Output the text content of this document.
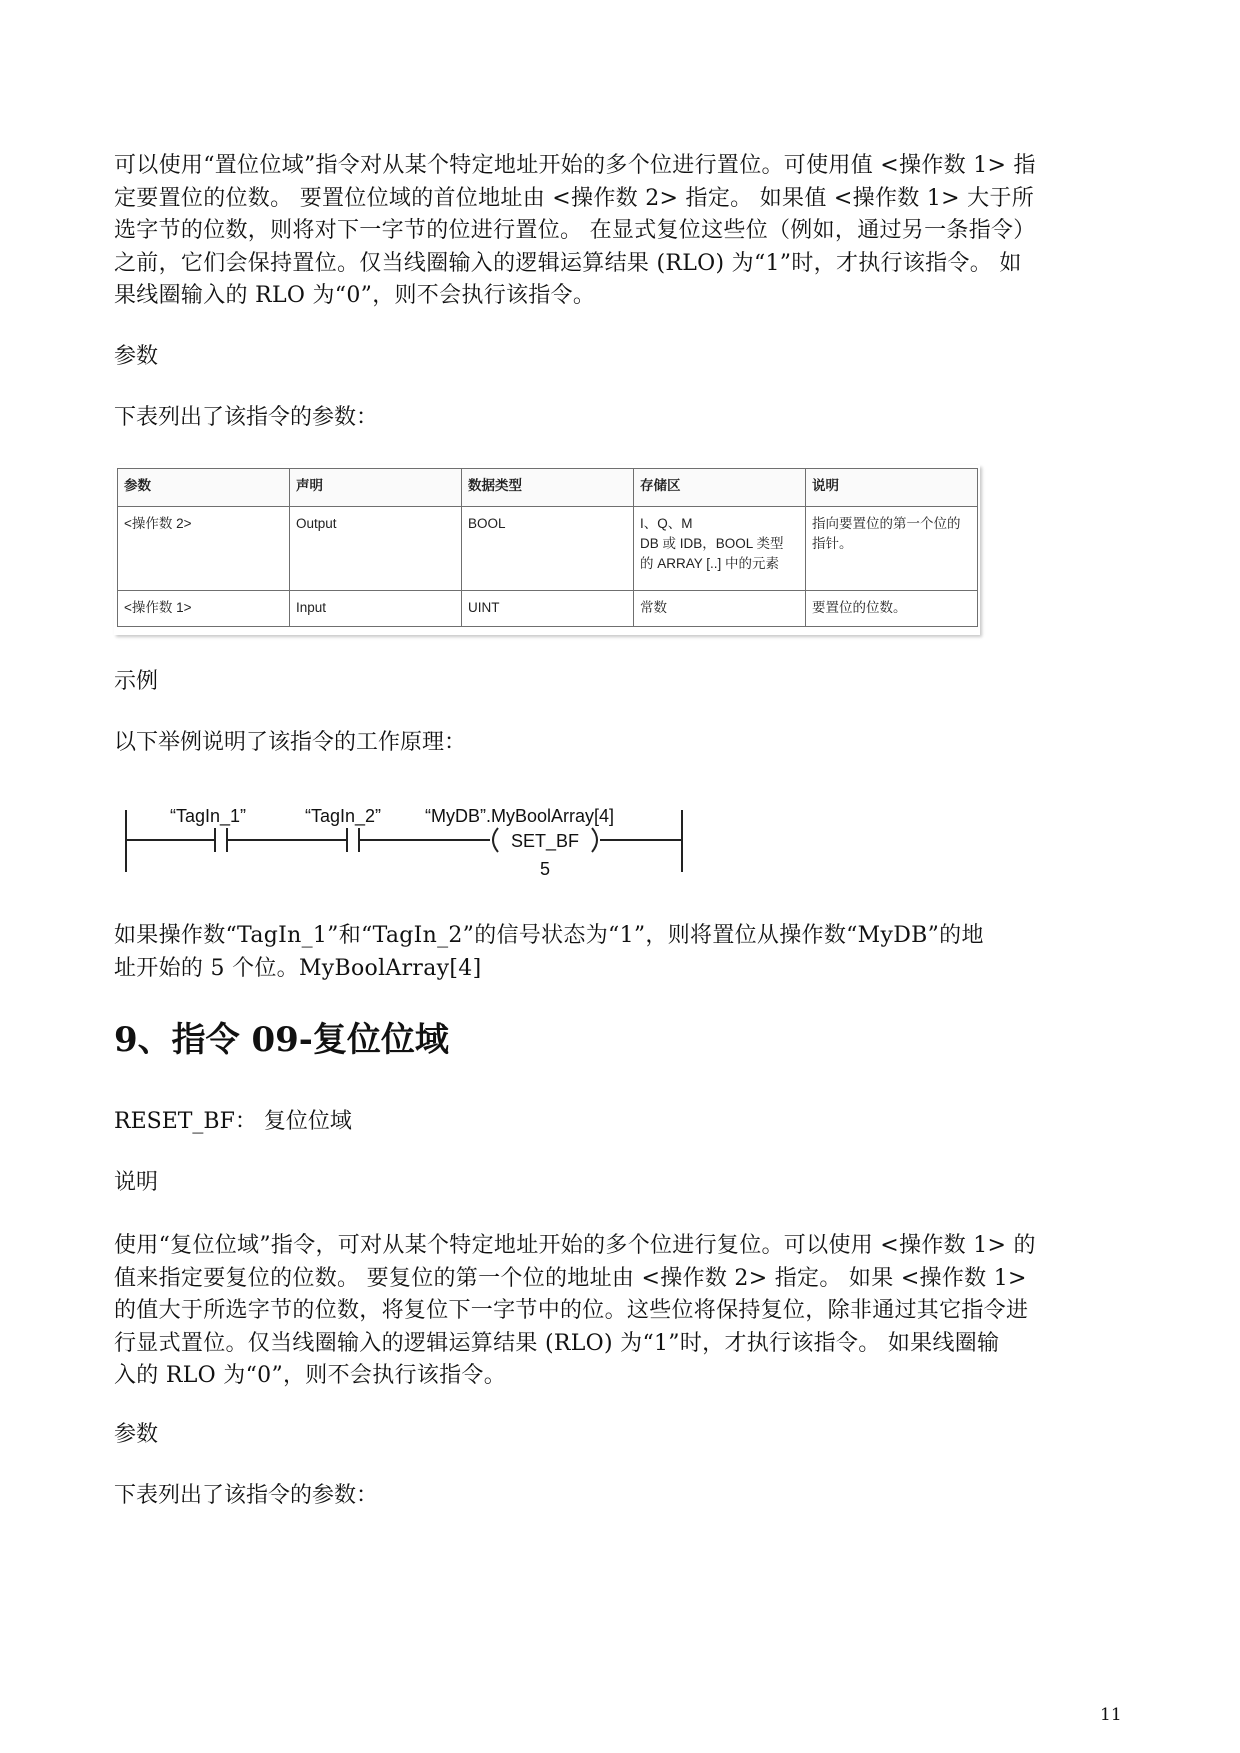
可以使用“置位位域”指令对从某个特定地址开始的多个位进行置位。可使用值 <操作数 1> 指
定要置位的位数。 要置位位域的首位地址由 <操作数 2> 指定。 如果值 <操作数 1> 大于所
选字节的位数，则将对下一字节的位进行置位。 在显式复位这些位（例如，通过另一条指令）
之前，它们会保持置位。仅当线圈输入的逻辑运算结果 (RLO) 为“1”时，才执行该指令。 如
果线圈输入的 RLO 为“0”，则不会执行该指令。

参数

下表列出了该指令的参数：

参数	声明	数据类型	存储区	说明
<操作数 2>	Output	BOOL	I、Q、M
DB 或 IDB，BOOL 类型
的 ARRAY [..] 中的元素	指向要置位的第一个位的
指针。

<操作数 1>	Input	UINT	常数	要置位的位数。

示例

以下举例说明了该指令的工作原理：

“TagIn_1”	“TagIn_2” “MyDB”.MyBoolArray[4]
SET_BF
5
如果操作数“TagIn_1”和“TagIn_2”的信号状态为“1”，则将置位从操作数“MyDB”的地
址开始的 5 个位。MyBoolArray[4]
9、指令 09-复位位域

RESET_BF： 复位位域

说明

使用“复位位域”指令，可对从某个特定地址开始的多个位进行复位。可以使用 <操作数 1> 的
值来指定要复位的位数。 要复位的第一个位的地址由 <操作数 2> 指定。 如果 <操作数 1>
的值大于所选字节的位数，将复位下一字节中的位。这些位将保持复位，除非通过其它指令进
行显式置位。仅当线圈输入的逻辑运算结果 (RLO) 为“1”时，才执行该指令。 如果线圈输
入的 RLO 为“0”，则不会执行该指令。

参数

下表列出了该指令的参数：

11
